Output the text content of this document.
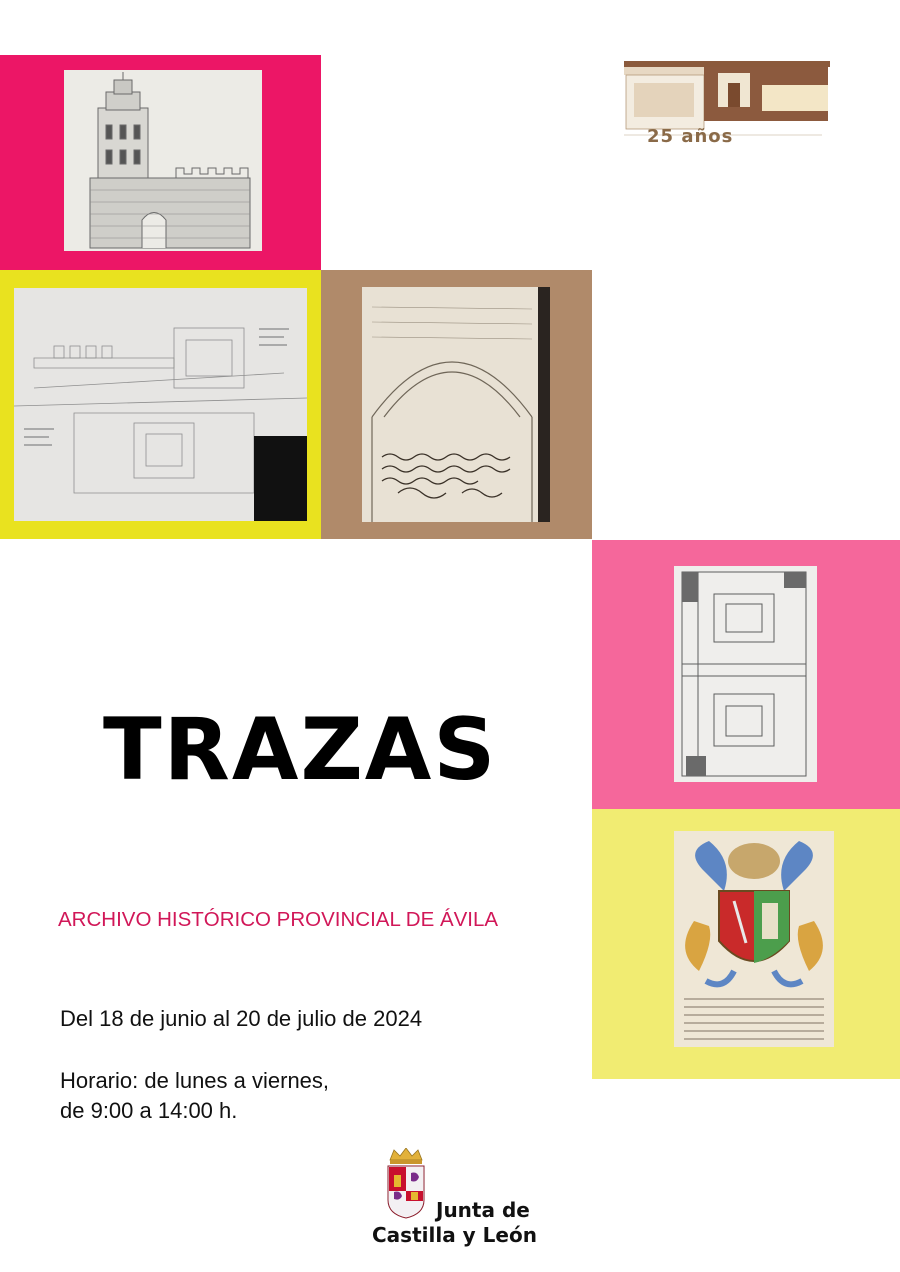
25 años
TRAZAS

ARCHIVO HISTÓRICO PROVINCIAL DE ÁVILA

Del 18 de junio al 20 de julio de 2024

Horario: de lunes a viernes,
de 9:00 a 14:00 h.

Junta de
Castilla y León
